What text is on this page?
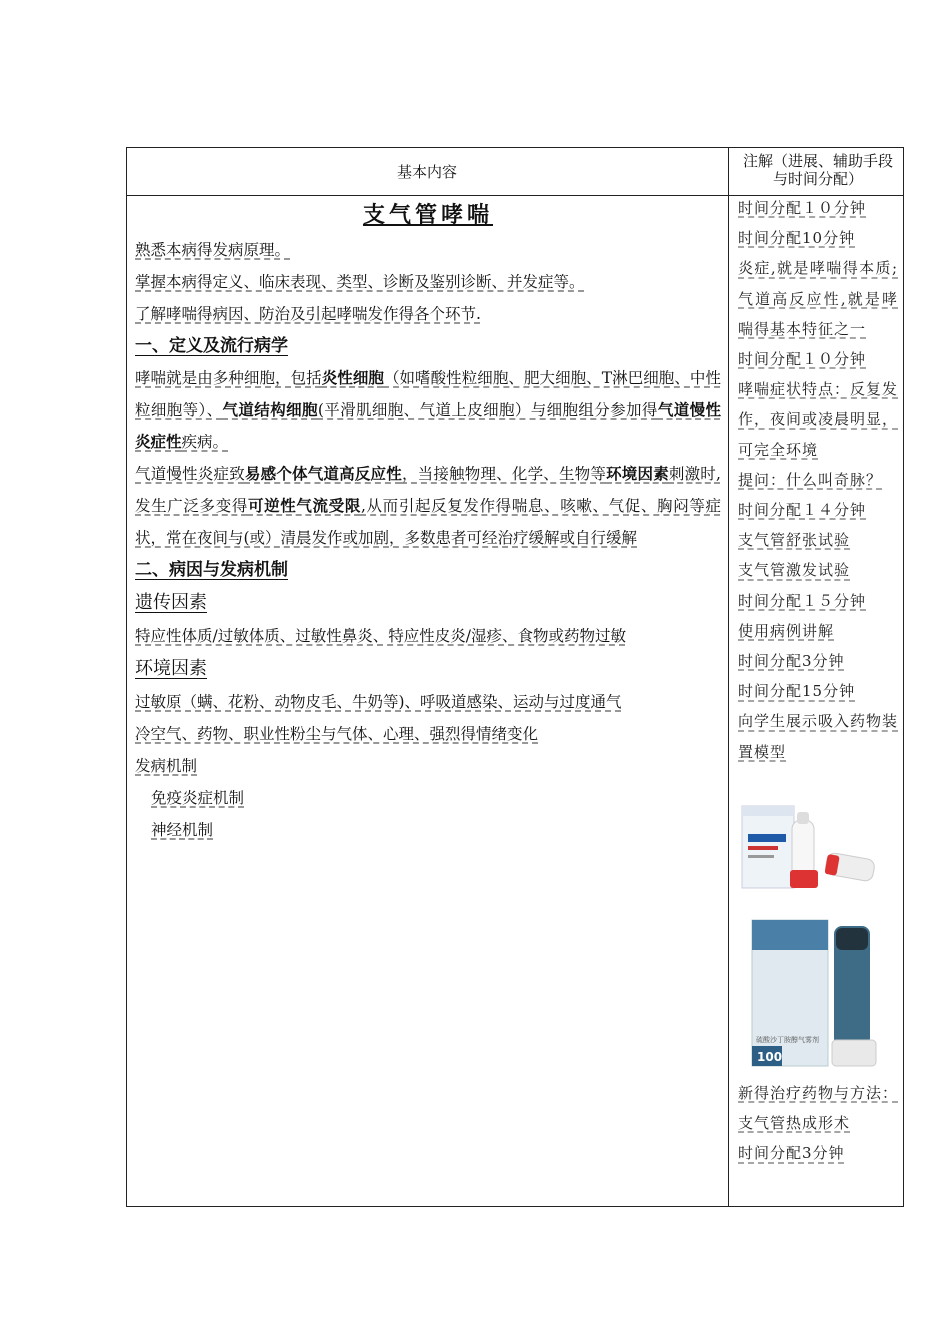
基本内容
注解（进展、辅助手段与时间分配）
支气管哮喘

熟悉本病得发病原理。

掌握本病得定义、临床表现、类型、诊断及鉴别诊断、并发症等。

了解哮喘得病因、防治及引起哮喘发作得各个环节.

一、定义及流行病学

哮喘就是由多种细胞，包括炎性细胞（如嗜酸性粒细胞、肥大细胞、T淋巴细胞、中性粒细胞等）、气道结构细胞(平滑肌细胞、气道上皮细胞）与细胞组分参加得气道慢性炎症性疾病。

气道慢性炎症致易感个体气道高反应性，当接触物理、化学、生物等环境因素刺激时,发生广泛多变得可逆性气流受限,从而引起反复发作得喘息、咳嗽、气促、胸闷等症状，常在夜间与(或）清晨发作或加剧，多数患者可经治疗缓解或自行缓解

二、病因与发病机制

遗传因素

特应性体质/过敏体质、过敏性鼻炎、特应性皮炎/湿疹、食物或药物过敏

环境因素

过敏原（螨、花粉、动物皮毛、牛奶等)、呼吸道感染、运动与过度通气

冷空气、药物、职业性粉尘与气体、心理、强烈得情绪变化

发病机制

免疫炎症机制

神经机制

时间分配１０分钟

时间分配10分钟

炎症,就是哮喘得本质;气道高反应性,就是哮喘得基本特征之一

时间分配１０分钟

哮喘症状特点：反复发作，夜间或凌晨明显，可完全环境

提问：什么叫奇脉？

时间分配１４分钟

支气管舒张试验

支气管激发试验

时间分配１５分钟

使用病例讲解

时间分配3分钟

时间分配15分钟

向学生展示吸入药物装置模型

硫酸沙丁胺醇气雾剂
100

新得治疗药物与方法：支气管热成形术

时间分配3分钟
